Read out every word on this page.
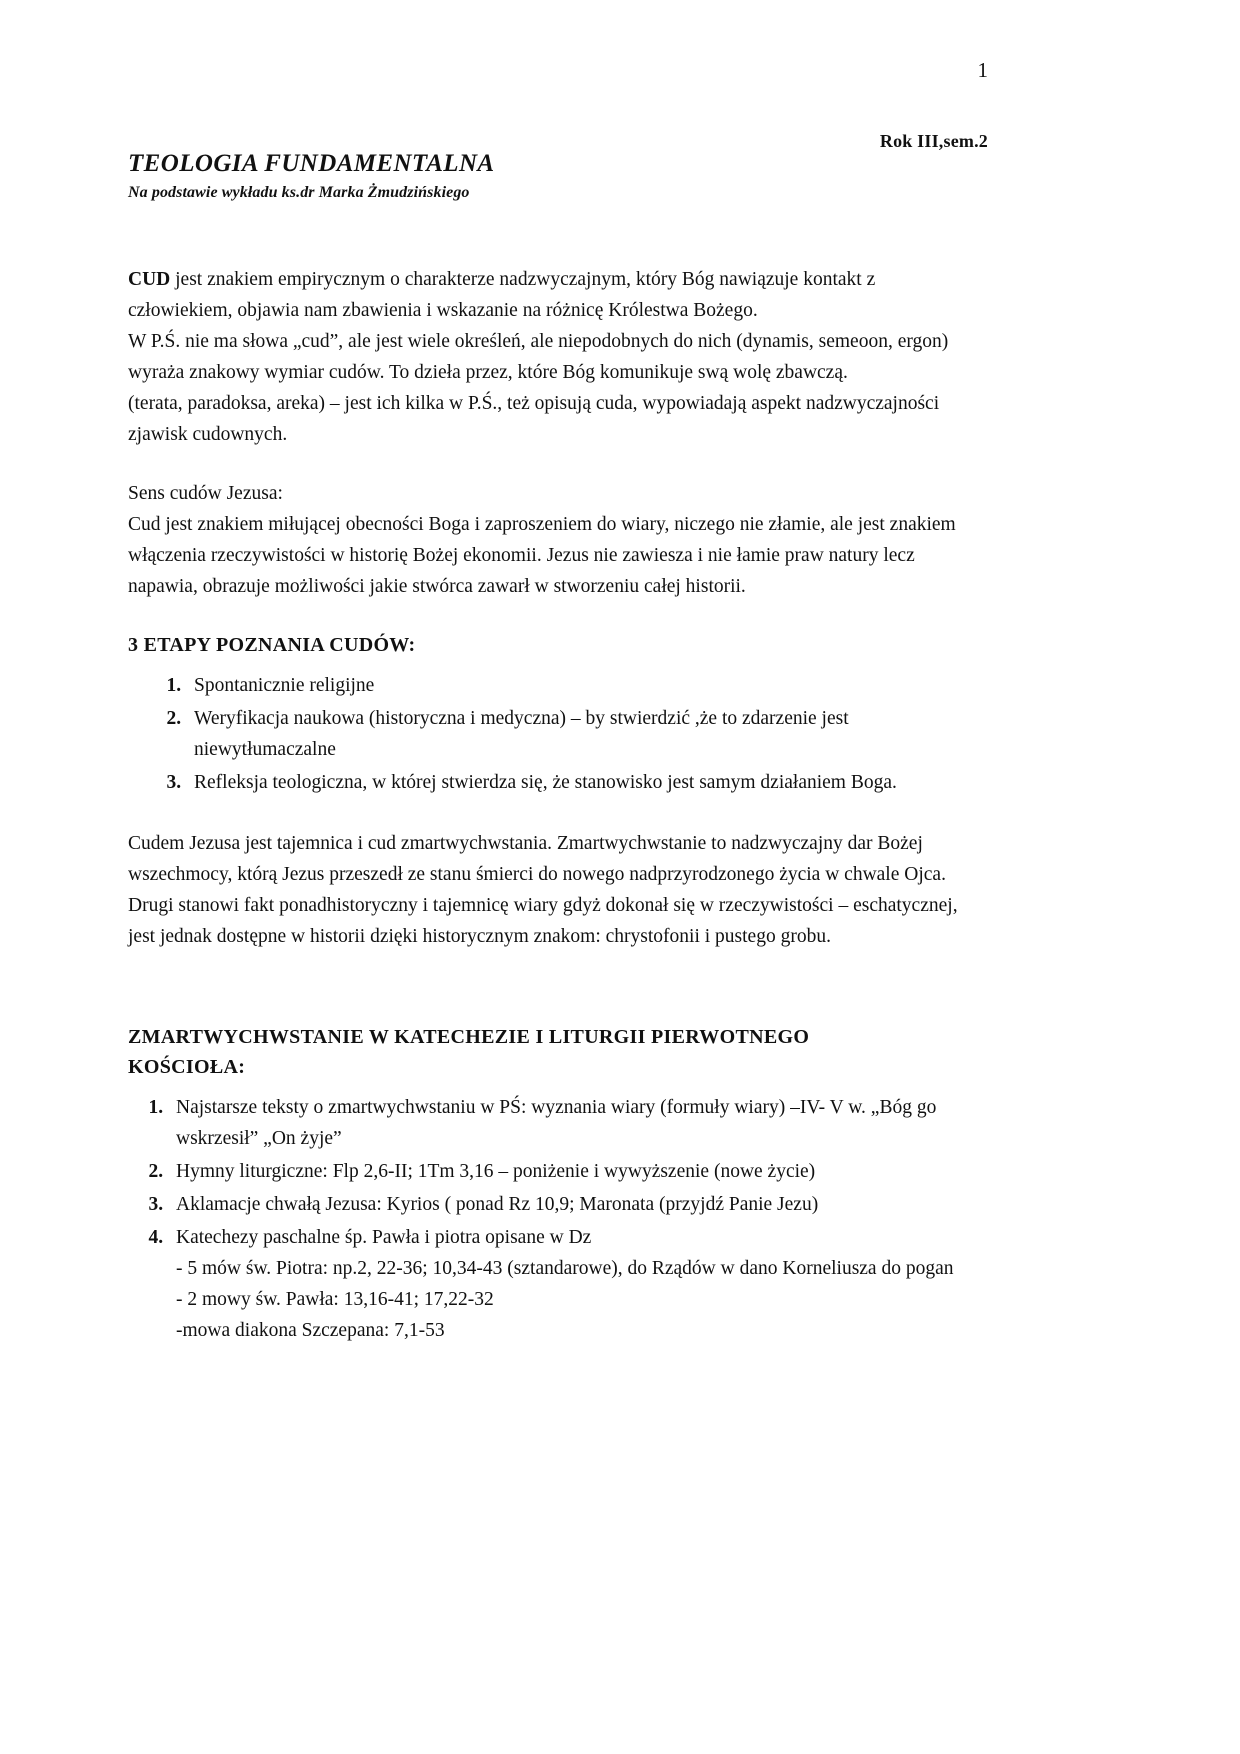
1
Rok III,sem.2
TEOLOGIA FUNDAMENTALNA
Na podstawie wykładu ks.dr Marka Żmudzińskiego

CUD jest znakiem empirycznym o charakterze nadzwyczajnym, który Bóg nawiązuje kontakt z człowiekiem, objawia nam zbawienia i wskazanie na różnicę Królestwa Bożego.

W P.Ś. nie ma słowa „cud”, ale jest wiele określeń, ale niepodobnych do nich (dynamis, semeoon, ergon) wyraża znakowy wymiar cudów. To dzieła przez, które Bóg komunikuje swą wolę zbawczą.

(terata, paradoksa, areka) – jest ich kilka w P.Ś., też opisują cuda, wypowiadają aspekt nadzwyczajności zjawisk cudownych.

Sens cudów Jezusa:

Cud jest znakiem miłującej obecności Boga i zaproszeniem do wiary, niczego nie złamie, ale jest znakiem włączenia rzeczywistości w historię Bożej ekonomii. Jezus nie zawiesza i nie łamie praw natury lecz napawia, obrazuje możliwości jakie stwórca zawarł w stworzeniu całej historii.

3 ETAPY POZNANIA CUDÓW:
1. Spontanicznie religijne
2. Weryfikacja naukowa (historyczna i medyczna) – by stwierdzić ,że to zdarzenie jest niewytłumaczalne
3. Refleksja teologiczna, w której stwierdza się, że stanowisko jest samym działaniem Boga.

Cudem Jezusa jest tajemnica i cud zmartwychwstania. Zmartwychwstanie to nadzwyczajny dar Bożej wszechmocy, którą Jezus przeszedł ze stanu śmierci do nowego nadprzyrodzonego życia w chwale Ojca.

Drugi stanowi fakt ponadhistoryczny i tajemnicę wiary gdyż dokonał się w rzeczywistości – eschatycznej, jest jednak dostępne w historii dzięki historycznym znakom: chrystofonii i pustego grobu.

ZMARTWYCHWSTANIE W KATECHEZIE I LITURGII PIERWOTNEGO
KOŚCIOŁA:
1. Najstarsze teksty o zmartwychwstaniu w PŚ: wyznania wiary (formuły wiary) –IV- V w. „Bóg go wskrzesił” „On żyje”
2. Hymny liturgiczne: Flp 2,6-II; 1Tm 3,16 – poniżenie i wywyższenie (nowe życie)
3. Aklamacje chwałą Jezusa: Kyrios ( ponad Rz 10,9; Maronata (przyjdź Panie Jezu)
4. Katechezy paschalne śp. Pawła i piotra opisane w Dz
- 5 mów św. Piotra: np.2, 22-36; 10,34-43 (sztandarowe), do Rządów w dano Korneliusza do pogan
- 2 mowy św. Pawła: 13,16-41; 17,22-32
-mowa diakona Szczepana: 7,1-53
